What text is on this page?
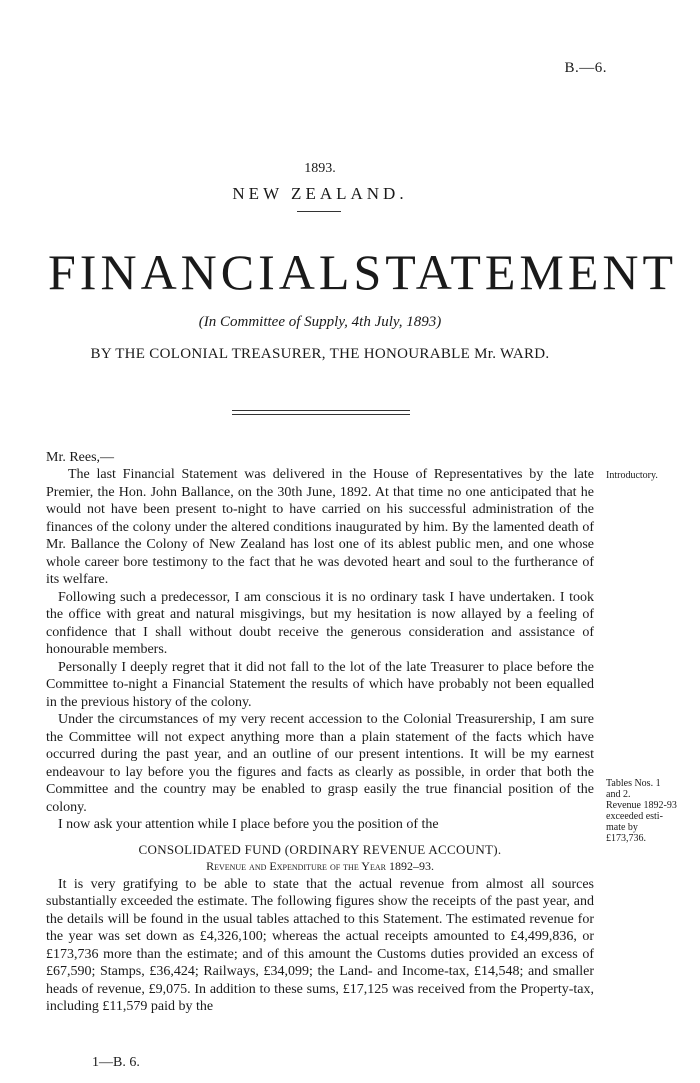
B.—6.
1893.
NEW ZEALAND.
FINANCIAL STATEMENT
(In Committee of Supply, 4th July, 1893)
BY THE COLONIAL TREASURER, THE HONOURABLE Mr. WARD.
Mr. Rees,—

The last Financial Statement was delivered in the House of Representatives by the late Premier, the Hon. John Ballance, on the 30th June, 1892. At that time no one anticipated that he would not have been present to-night to have carried on his successful administration of the finances of the colony under the altered conditions inaugurated by him. By the lamented death of Mr. Ballance the Colony of New Zealand has lost one of its ablest public men, and one whose whole career bore testimony to the fact that he was devoted heart and soul to the furtherance of its welfare.

Following such a predecessor, I am conscious it is no ordinary task I have undertaken. I took the office with great and natural misgivings, but my hesitation is now allayed by a feeling of confidence that I shall without doubt receive the generous consideration and assistance of honourable members.

Personally I deeply regret that it did not fall to the lot of the late Treasurer to place before the Committee to-night a Financial Statement the results of which have probably not been equalled in the previous history of the colony.

Under the circumstances of my very recent accession to the Colonial Treasurership, I am sure the Committee will not expect anything more than a plain statement of the facts which have occurred during the past year, and an outline of our present intentions. It will be my earnest endeavour to lay before you the figures and facts as clearly as possible, in order that both the Committee and the country may be enabled to grasp easily the true financial position of the colony.

I now ask your attention while I place before you the position of the

CONSOLIDATED FUND (ORDINARY REVENUE ACCOUNT).

Revenue and Expenditure of the Year 1892–93.

It is very gratifying to be able to state that the actual revenue from almost all sources substantially exceeded the estimate. The following figures show the receipts of the past year, and the details will be found in the usual tables attached to this Statement. The estimated revenue for the year was set down as £4,326,100; whereas the actual receipts amounted to £4,499,836, or £173,736 more than the estimate; and of this amount the Customs duties provided an excess of £67,590; Stamps, £36,424; Railways, £34,099; the Land- and Income-tax, £14,548; and smaller heads of revenue, £9,075. In addition to these sums, £17,125 was received from the Property-tax, including £11,579 paid by the

Introductory.
Tables Nos. 1
and 2.
Revenue 1892-93
exceeded esti-
mate by
£173,736.
1—B. 6.
